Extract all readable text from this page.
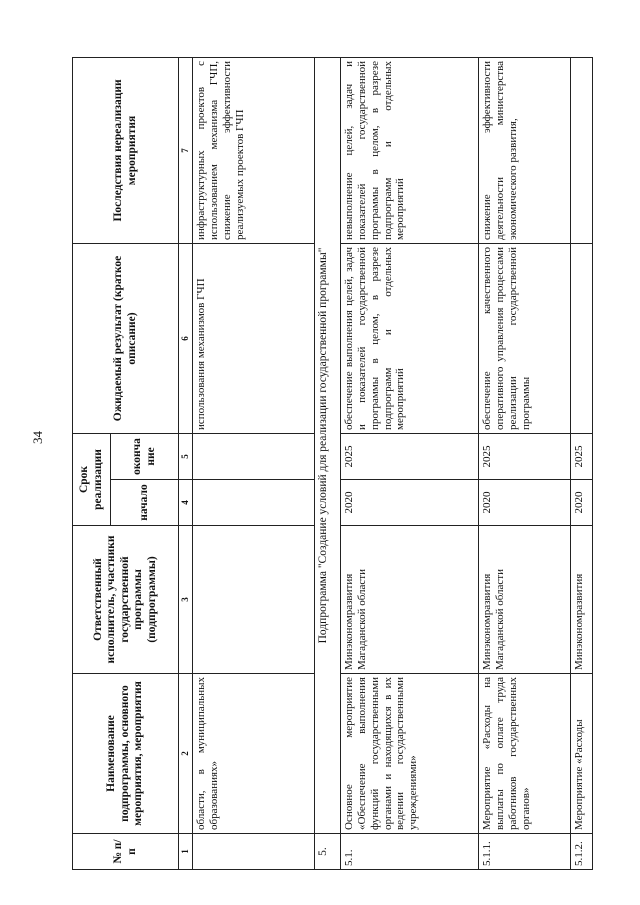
34
№ п/п	Наименование подпрограммы, основного мероприятия, мероприятия	Ответственный исполнитель, участники государственной программы (подпрограммы)	Срок реализации		Ожидаемый результат (краткое описание)	Последствия нереализации мероприятия
			начало	оконча ние		
1	2	3	4	5	6	7
	области, в муниципальных образованиях»				использования механизмов ГЧП	инфраструктурных проектов с использованием механизма ГЧП, снижение эффективности реализуемых проектов ГЧП
5.	Подпрограмма "Создание условий для реализации государственной программы"					
5.1.	Основное мероприятие «Обеспечение выполнения функций государственными органами и находящихся в их ведении государственными учреждениями»	Минэкономразвития Магаданской области	2020	2025	обеспечение выполнения целей, задач и показателей государственной программы в целом, в разрезе подпрограмм и отдельных мероприятий	невыполнение целей, задач и показателей государственной программы в целом, в разрезе подпрограмм и отдельных мероприятий
5.1.1.	Мероприятие «Расходы на выплаты по оплате труда работников государственных органов»	Минэкономразвития Магаданской области	2020	2025	обеспечение качественного оперативного управления процессами реализации государственной программы	снижение эффективности деятельности министерства экономического развития,
5.1.2.	Мероприятие «Расходы	Минэкономразвития	2020	2025		
